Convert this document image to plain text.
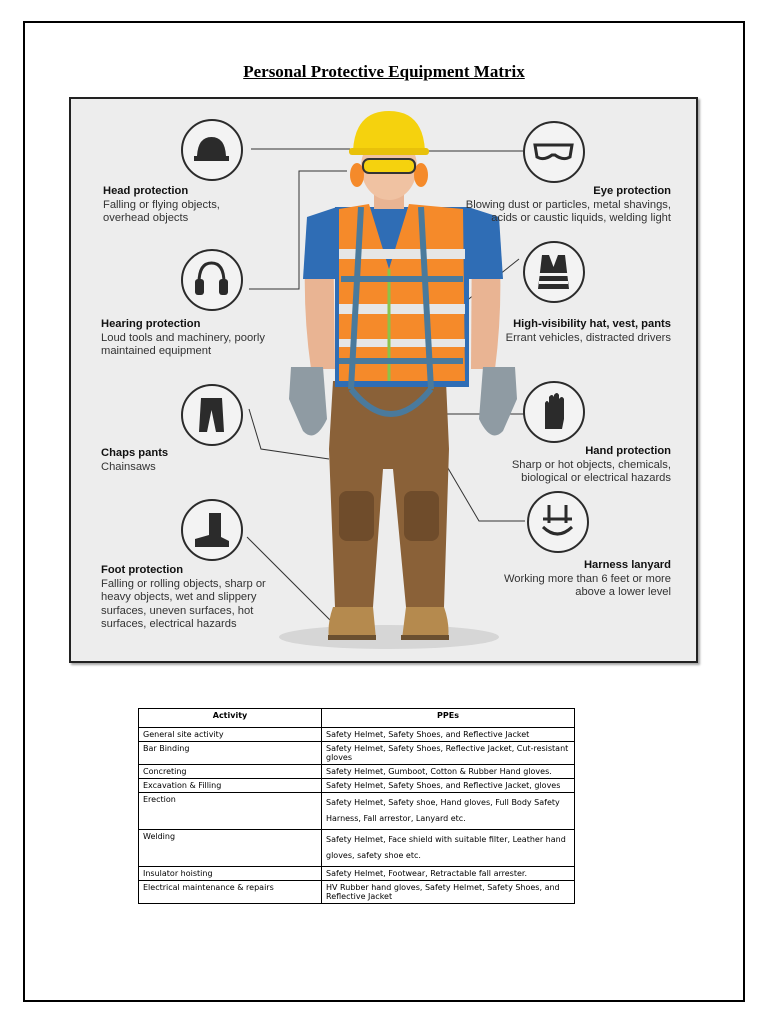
Personal Protective Equipment Matrix
Head protection
Falling or flying objects, overhead objects
Hearing protection
Loud tools and machinery, poorly maintained equipment
Chaps pants
Chainsaws
Foot protection
Falling or rolling objects, sharp or heavy objects, wet and slippery surfaces, uneven surfaces, hot surfaces, electrical hazards
Eye protection
Blowing dust or particles, metal shavings, acids or caustic liquids, welding light
High-visibility hat, vest, pants
Errant vehicles, distracted drivers
Hand protection
Sharp or hot objects, chemicals, biological or electrical hazards
Harness lanyard
Working more than 6 feet or more above a lower level
Activity	PPEs
General site activity	Safety Helmet, Safety Shoes, and Reflective Jacket
Bar Binding	Safety Helmet, Safety Shoes, Reflective Jacket, Cut-resistant gloves
Concreting	Safety Helmet, Gumboot, Cotton & Rubber Hand gloves.
Excavation & Filling	Safety Helmet, Safety Shoes, and Reflective Jacket, gloves
Erection	Safety Helmet, Safety shoe, Hand gloves, Full Body Safety Harness, Fall arrestor, Lanyard etc.
Welding	Safety Helmet, Face shield with suitable filter, Leather hand gloves, safety shoe etc.
Insulator hoisting	Safety Helmet, Footwear, Retractable fall arrester.
Electrical maintenance & repairs	HV Rubber hand gloves, Safety Helmet, Safety Shoes, and Reflective Jacket
